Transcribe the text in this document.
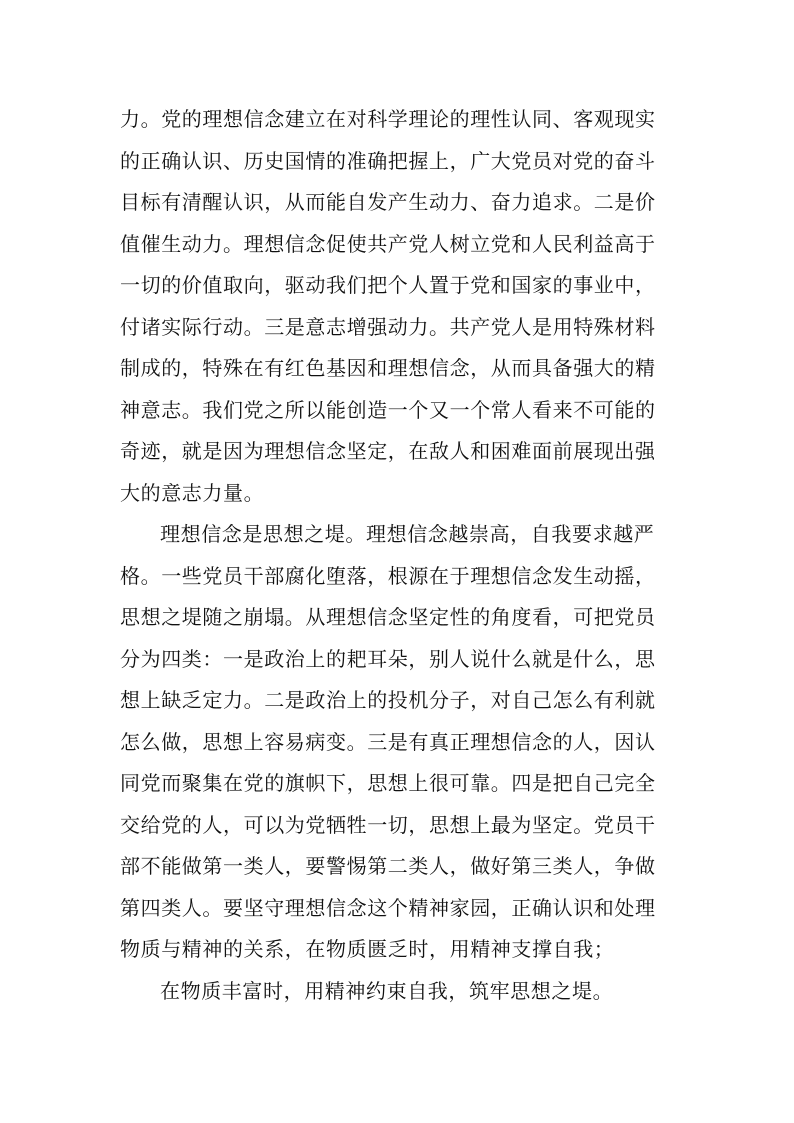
力。党的理想信念建立在对科学理论的理性认同、客观现实
的正确认识、历史国情的准确把握上，广大党员对党的奋斗
目标有清醒认识，从而能自发产生动力、奋力追求。二是价
值催生动力。理想信念促使共产党人树立党和人民利益高于
一切的价值取向，驱动我们把个人置于党和国家的事业中，
付诸实际行动。三是意志增强动力。共产党人是用特殊材料
制成的，特殊在有红色基因和理想信念，从而具备强大的精
神意志。我们党之所以能创造一个又一个常人看来不可能的
奇迹，就是因为理想信念坚定，在敌人和困难面前展现出强
大的意志力量。
理想信念是思想之堤。理想信念越崇高，自我要求越严
格。一些党员干部腐化堕落，根源在于理想信念发生动摇，
思想之堤随之崩塌。从理想信念坚定性的角度看，可把党员
分为四类：一是政治上的耙耳朵，别人说什么就是什么，思
想上缺乏定力。二是政治上的投机分子，对自己怎么有利就
怎么做，思想上容易病变。三是有真正理想信念的人，因认
同党而聚集在党的旗帜下，思想上很可靠。四是把自己完全
交给党的人，可以为党牺牲一切，思想上最为坚定。党员干
部不能做第一类人，要警惕第二类人，做好第三类人，争做
第四类人。要坚守理想信念这个精神家园，正确认识和处理
物质与精神的关系，在物质匮乏时，用精神支撑自我；
在物质丰富时，用精神约束自我，筑牢思想之堤。
